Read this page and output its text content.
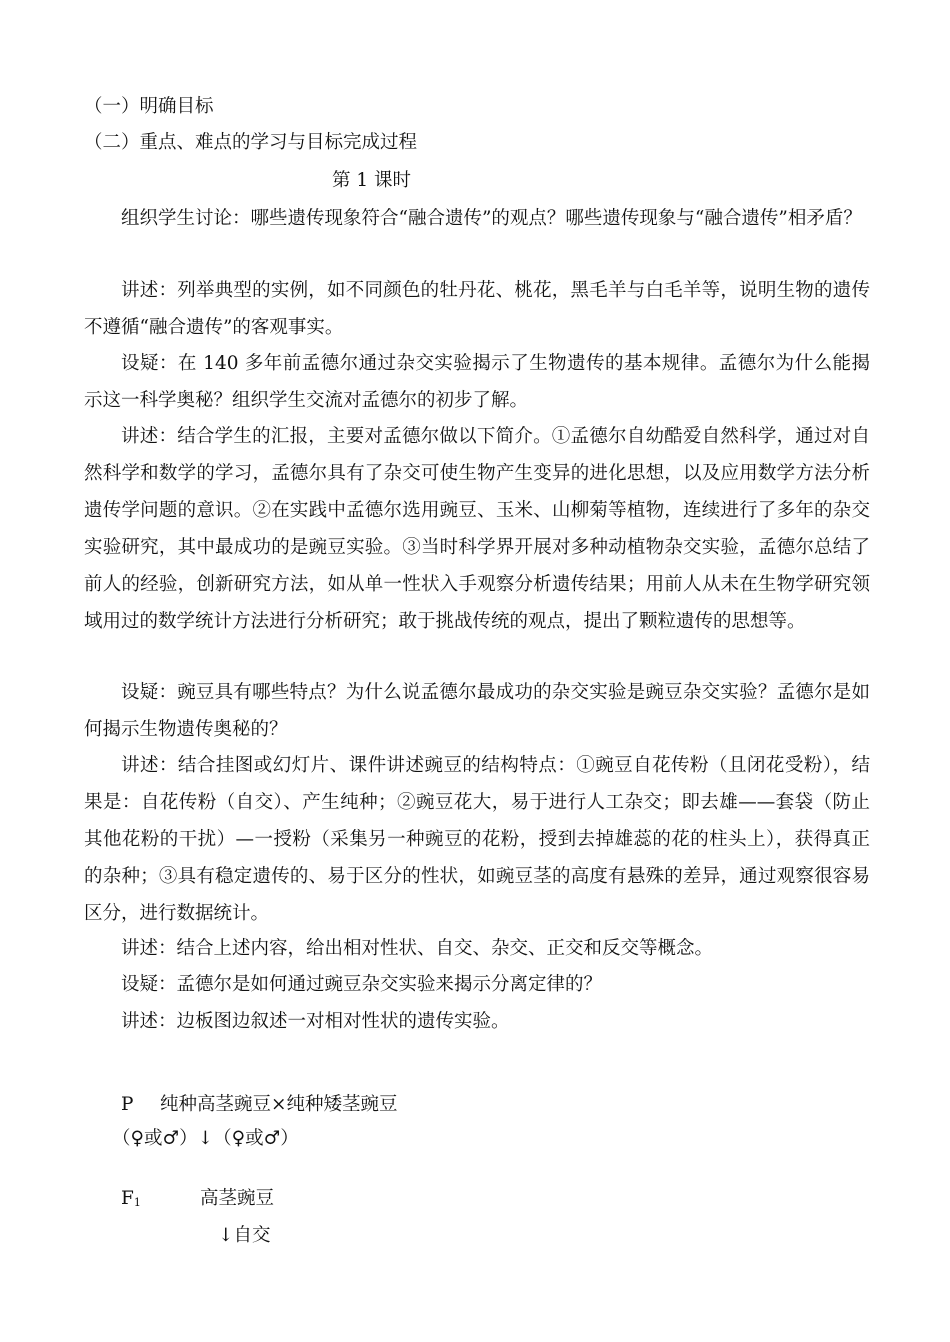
（一）明确目标
（二）重点、难点的学习与目标完成过程
第 1 课时
组织学生讨论：哪些遗传现象符合“融合遗传”的观点？哪些遗传现象与“融合遗传”相矛盾？
讲述：列举典型的实例，如不同颜色的牡丹花、桃花，黑毛羊与白毛羊等，说明生物的遗传不遵循“融合遗传”的客观事实。
设疑：在 140 多年前孟德尔通过杂交实验揭示了生物遗传的基本规律。孟德尔为什么能揭示这一科学奥秘？组织学生交流对孟德尔的初步了解。
讲述：结合学生的汇报，主要对孟德尔做以下简介。①孟德尔自幼酷爱自然科学，通过对自然科学和数学的学习，孟德尔具有了杂交可使生物产生变异的进化思想，以及应用数学方法分析遗传学问题的意识。②在实践中孟德尔选用豌豆、玉米、山柳菊等植物，连续进行了多年的杂交实验研究，其中最成功的是豌豆实验。③当时科学界开展对多种动植物杂交实验，孟德尔总结了前人的经验，创新研究方法，如从单一性状入手观察分析遗传结果；用前人从未在生物学研究领域用过的数学统计方法进行分析研究；敢于挑战传统的观点，提出了颗粒遗传的思想等。
设疑：豌豆具有哪些特点？为什么说孟德尔最成功的杂交实验是豌豆杂交实验？孟德尔是如何揭示生物遗传奥秘的？
讲述：结合挂图或幻灯片、课件讲述豌豆的结构特点：①豌豆自花传粉（且闭花受粉），结果是：自花传粉（自交）、产生纯种；②豌豆花大，易于进行人工杂交；即去雄——套袋（防止其他花粉的干扰）—一授粉（采集另一种豌豆的花粉，授到去掉雄蕊的花的柱头上），获得真正的杂种；③具有稳定遗传的、易于区分的性状，如豌豆茎的高度有悬殊的差异，通过观察很容易区分，进行数据统计。
讲述：结合上述内容，给出相对性状、自交、杂交、正交和反交等概念。
设疑：孟德尔是如何通过豌豆杂交实验来揭示分离定律的？
讲述：边板图边叙述一对相对性状的遗传实验。
P 纯种高茎豌豆×纯种矮茎豌豆
（♀或♂）↓（♀或♂）
F1	高茎豌豆
↓自交
